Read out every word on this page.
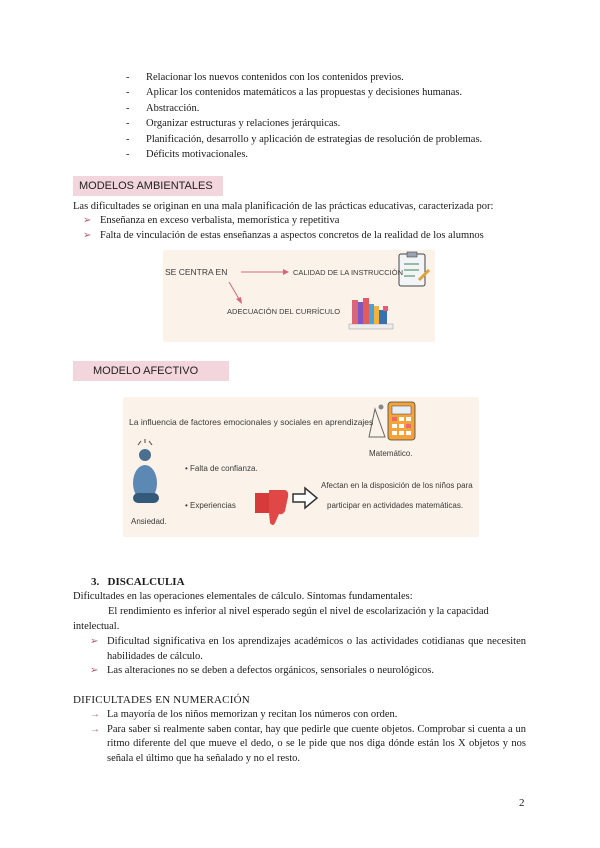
- Relacionar los nuevos contenidos con los contenidos previos.
- Aplicar los contenidos matemáticos a las propuestas y decisiones humanas.
- Abstracción.
- Organizar estructuras y relaciones jerárquicas.
- Planificación, desarrollo y aplicación de estrategias de resolución de problemas.
- Déficits motivacionales.
MODELOS AMBIENTALES
Las dificultades se originan en una mala planificación de las prácticas educativas, caracterizada por:
➢ Enseñanza en exceso verbalista, memorística y repetitiva
➢ Falta de vinculación de estas enseñanzas a aspectos concretos de la realidad de los alumnos
SE CENTRA EN	CALIDAD DE LA INSTRUCCIÓN
ADECUACIÓN DEL CURRÍCULO
MODELO AFECTIVO
La influencia de factores emocionales y sociales en aprendizajes
• Falta de confianza.
• Experiencias
Afectan en la disposición de los niños para
participar en actividades matemáticas.
Matemático.
Ansiedad.
3. DISCALCULIA
Dificultades en las operaciones elementales de cálculo. Síntomas fundamentales:
El rendimiento es inferior al nivel esperado según el nivel de escolarización y la capacidad
intelectual.
➢ Dificultad significativa en los aprendizajes académicos o las actividades cotidianas que necesiten habilidades de cálculo.
➢ Las alteraciones no se deben a defectos orgánicos, sensoriales o neurológicos.
DIFICULTADES EN NUMERACIÓN
→ La mayoría de los niños memorizan y recitan los números con orden.
→ Para saber si realmente saben contar, hay que pedirle que cuente objetos. Comprobar si cuenta a un ritmo diferente del que mueve el dedo, o se le pide que nos diga dónde están los X objetos y nos señala el último que ha señalado y no el resto.
2
